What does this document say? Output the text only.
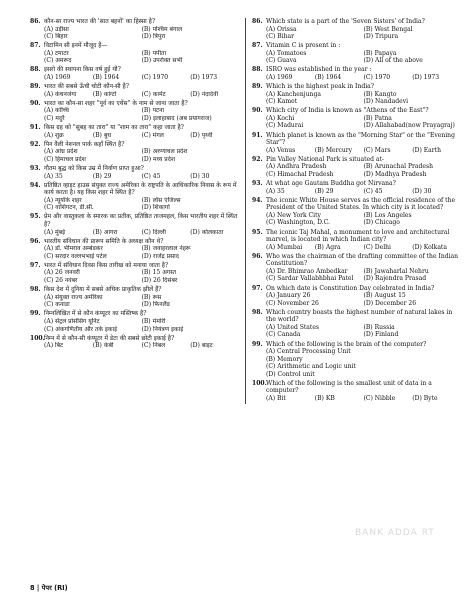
86. कौन-सा राज्य भारत की 'सात बहनों' का हिस्सा है?
(A) उड़ीसा	(B) पश्चिम बंगाल
(C) बिहार	(D) त्रिपुरा
87. विटामिन सी इनमें मौजूद है—
(A) टमाटर	(B) पपीता
(C) अमरूद	(D) उपरोक्त सभी
88. इसरो की स्थापना किस वर्ष हुई थी?
(A) 1969	(B) 1964	(C) 1970	(D) 1973
89. भारत की सबसे ऊँची चोटी कौन-सी है?
(A) कंचनजंगा	(B) कांग्टो	(C) कामेट	(D) नंदादेवी
90. भारत का कौन-सा शहर "पूर्व का एथेंस" के नाम से जाना जाता है?
(A) कोच्चि	(B) पटना
(C) मदुरै	(D) इलाहाबाद (अब प्रयागराज)
91. किस ग्रह को "सुबह का तारा" या "शाम का तारा" कहा जाता है?
(A) शुक्र	(B) बुध	(C) मंगल	(D) पृथ्वी
92. पिन वैली नेशनल पार्क कहाँ स्थित है?
(A) आंध्र प्रदेश	(B) अरुणाचल प्रदेश
(C) हिमाचल प्रदेश	(D) मध्य प्रदेश
93. गौतम बुद्ध को किस उम्र में निर्वाण प्राप्त हुआ?
(A) 35	(B) 29	(C) 45	(D) 30
94. प्रतिष्ठित व्हाइट हाउस संयुक्त राज्य अमेरिका के राष्ट्रपति के आधिकारिक निवास के रूप में कार्य करता है। यह किस शहर में स्थित है?
(A) न्यूयॉर्क शहर	(B) लॉस एंजिल्स
(C) वाशिंगटन, डी.सी.	(D) शिकागो
95. प्रेम और वास्तुकला के स्मारक का प्रतीक, प्रतिष्ठित ताजमहल, किस भारतीय शहर में स्थित है?
(A) मुंबई	(B) आगरा	(C) दिल्ली	(D) कोलकाता
96. भारतीय संविधान की प्रारूप समिति के अध्यक्ष कौन थे?
(A) डॉ. भीमराव अम्बेडकर	(B) जवाहरलाल नेहरू
(C) सरदार वल्लभभाई पटेल	(D) राजेंद्र प्रसाद
97. भारत में संविधान दिवस किस तारीख को मनाया जाता है?
(A) 26 जनवरी	(B) 15 अगस्त
(C) 26 नवंबर	(D) 26 दिसंबर
98. किस देश में दुनिया में सबसे अधिक प्राकृतिक झीलें हैं?
(A) संयुक्त राज्य अमेरिका	(B) रूस
(C) कनाडा	(D) फिनलैंड
99. निम्नलिखित में से कौन कंप्यूटर का मस्तिष्क है?
(A) सेंट्रल प्रोसेसिंग यूनिट	(B) मेमोरी
(C) अंकगणितीय और तर्क इकाई	(D) नियंत्रण इकाई
100. निम्न में से कौन-सी कंप्यूटर में डेटा की सबसे छोटी इकाई है?
(A) बिट	(B) केबी	(C) निबल	(D) बाइट
86. Which state is a part of the 'Seven Sisters' of India?
(A) Orissa	(B) West Bengal
(C) Bihar	(D) Tripura
87. Vitamin C is present in :
(A) Tomatoes	(B) Papaya
(C) Guava	(D) All of the above
88. ISRO was established in the year :
(A) 1969	(B) 1964	(C) 1970	(D) 1973
89. Which is the highest peak in India?
(A) Kanchenjunga	(B) Kangto
(C) Kamet	(D) Nandadevi
90. Which city of India is known as "Athens of the East"?
(A) Kochi	(B) Patna
(C) Madurai	(D) Allahabad(now Prayagraj)
91. Which planet is known as the "Morning Star" or the "Evening Star"?
(A) Venus	(B) Mercury	(C) Mars	(D) Earth
92. Pin Valley National Park is situated at-
(A) Andhra Pradesh	(B) Arunachal Pradesh
(C) Himachal Pradesh	(D) Madhya Pradesh
93. At what age Gautam Buddha got Nirvana?
(A) 35	(B) 29	(C) 45	(D) 30
94. The iconic White House serves as the official residence of the President of the United States. In which city is it located?
(A) New York City	(B) Los Angeles
(C) Washington, D.C.	(D) Chicago
95. The iconic Taj Mahal, a monument to love and architectural marvel, is located in which Indian city?
(A) Mumbai	(B) Agra	(C) Delhi	(D) Kolkata
96. Who was the chairman of the drafting committee of the Indian Constitution?
(A) Dr. Bhimrao Ambedkar	(B) Jawaharlal Nehru
(C) Sardar Vallabhbhai Patel	(D) Rajendra Prasad
97. On which date is Constitution Day celebrated in India?
(A) January 26	(B) August 15
(C) November 26	(D) December 26
98. Which country boasts the highest number of natural lakes in the world?
(A) United States	(B) Russia
(C) Canada	(D) Finland
99. Which of the following is the brain of the computer?
(A) Central Processing Unit
(B) Memory
(C) Arithmetic and Logic unit
(D) Control unit
100. Which of the following is the smallest unit of data in a computer?
(A) Bit	(B) KB	(C) Nibble	(D) Byte
BANK ADDA RT
8 | पेपर (RI)
